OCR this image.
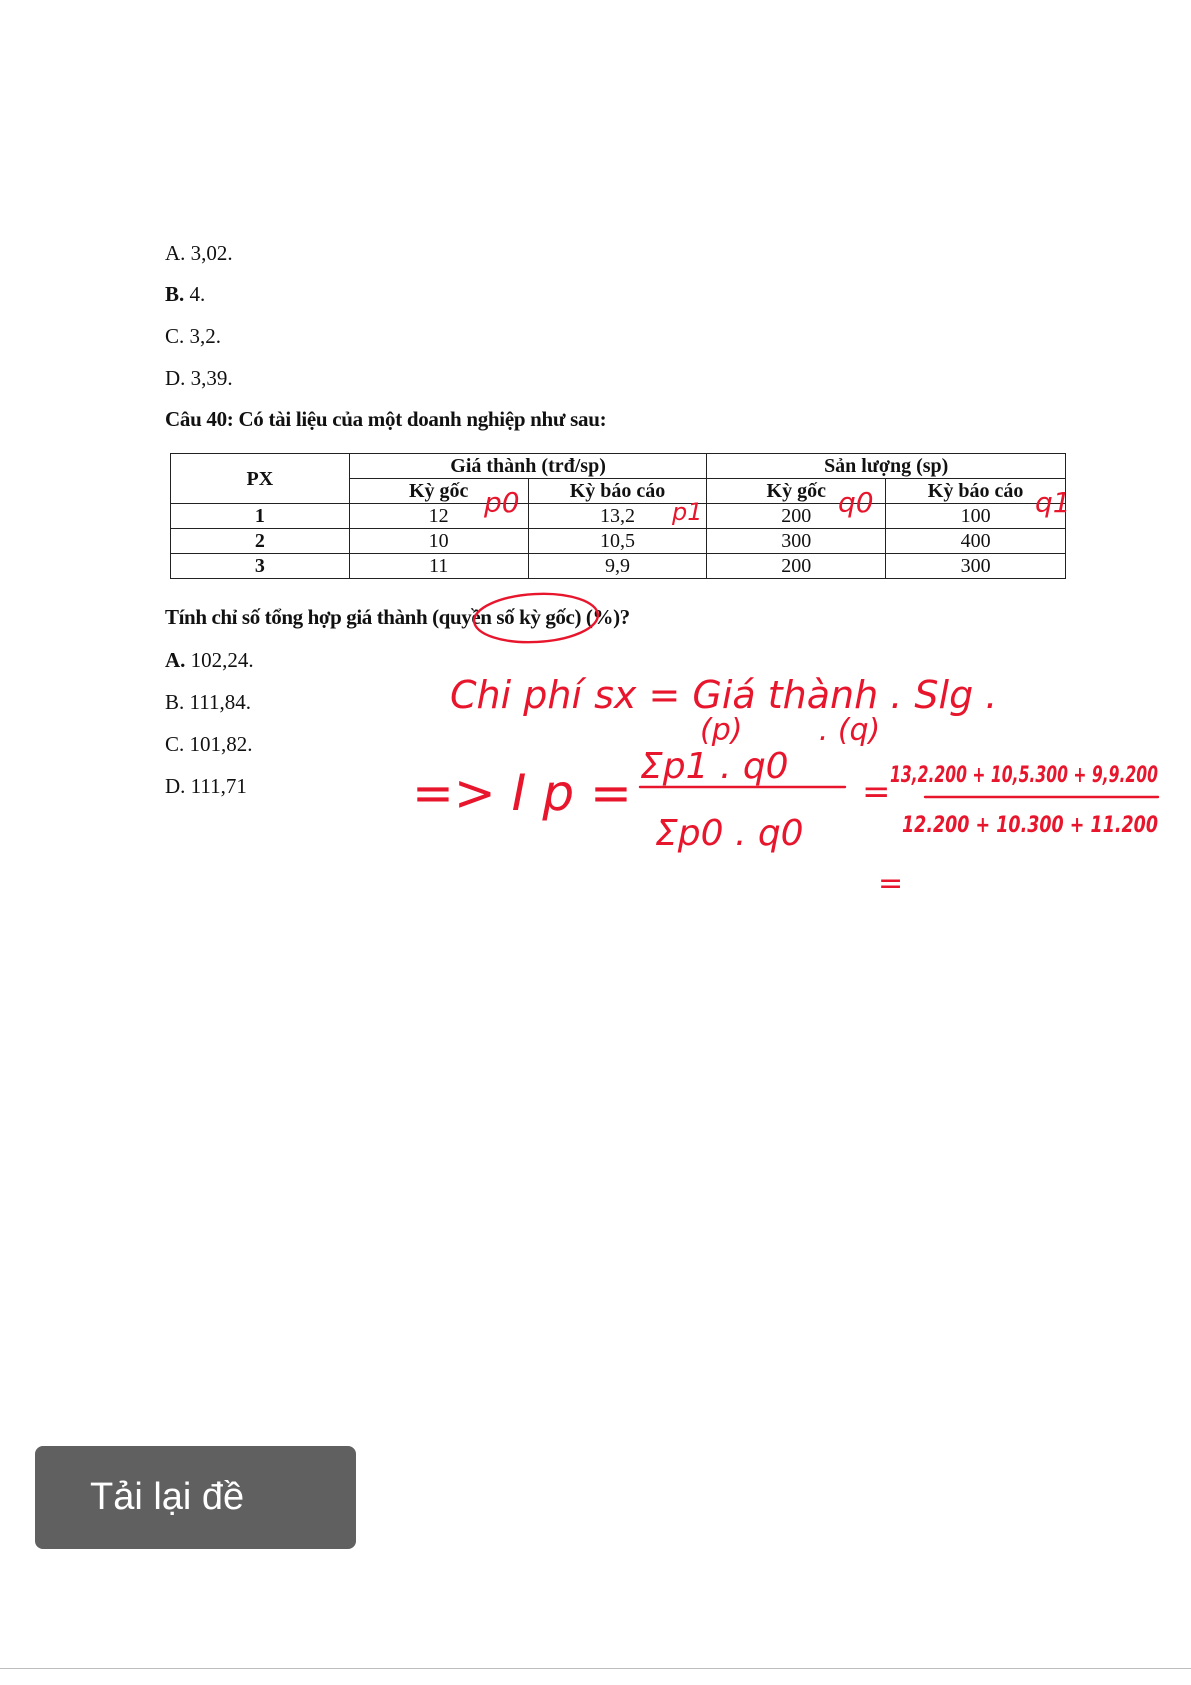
A. 3,02.
B. 4.
C. 3,2.
D. 3,39.
Câu 40: Có tài liệu của một doanh nghiệp như sau:
PX	Giá thành (trđ/sp)		Sản lượng (sp)	
	Kỳ gốc	Kỳ báo cáo	Kỳ gốc	Kỳ báo cáo
1	12	13,2	200	100
2	10	10,5	300	400
3	11	9,9	200	300
Tính chỉ số tổng hợp giá thành (quyền số kỳ gốc) (%)?
A. 102,24.
B. 111,84.
C. 101,82.
D. 111,71
p0	p1	q0	q1
Chi phí sx = Giá thành . Slg .
(p)        . (q)
=> I p = Σp1 . q0
Σp0 . q0
= 13,2.200 + 10,5.300 + 9,9.200
12.200 + 10.300 + 11.200
=
Tải lại đề
